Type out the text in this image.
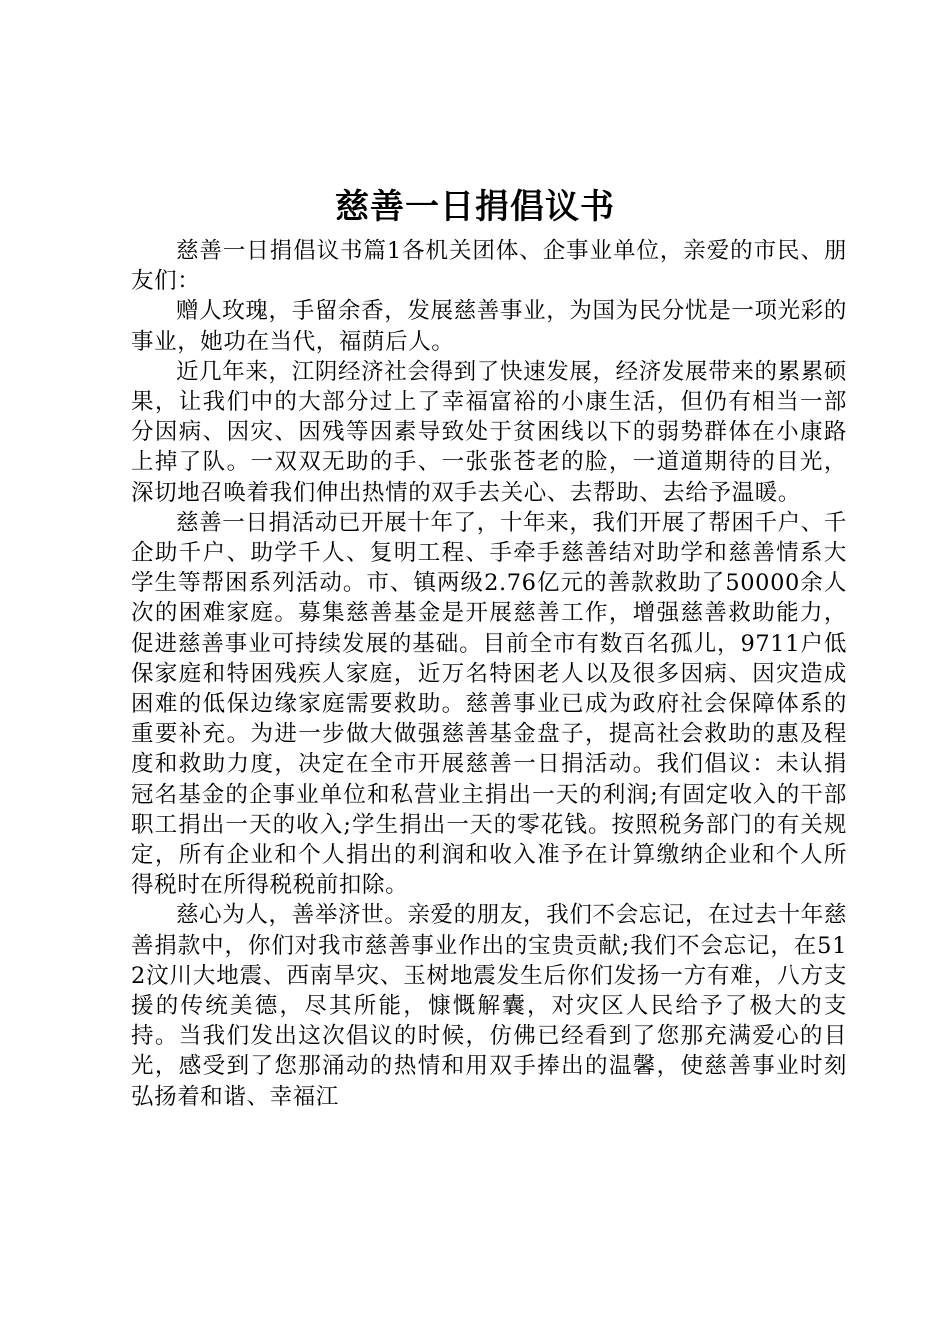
慈善一日捐倡议书

慈善一日捐倡议书篇1各机关团体、企事业单位，亲爱的市民、朋友们：

赠人玫瑰，手留余香，发展慈善事业，为国为民分忧是一项光彩的事业，她功在当代，福荫后人。

近几年来，江阴经济社会得到了快速发展，经济发展带来的累累硕果，让我们中的大部分过上了幸福富裕的小康生活，但仍有相当一部分因病、因灾、因残等因素导致处于贫困线以下的弱势群体在小康路上掉了队。一双双无助的手、一张张苍老的脸，一道道期待的目光，深切地召唤着我们伸出热情的双手去关心、去帮助、去给予温暖。

慈善一日捐活动已开展十年了，十年来，我们开展了帮困千户、千企助千户、助学千人、复明工程、手牵手慈善结对助学和慈善情系大学生等帮困系列活动。市、镇两级2.76亿元的善款救助了50000余人次的困难家庭。募集慈善基金是开展慈善工作，增强慈善救助能力，促进慈善事业可持续发展的基础。目前全市有数百名孤儿，9711户低保家庭和特困残疾人家庭，近万名特困老人以及很多因病、因灾造成困难的低保边缘家庭需要救助。慈善事业已成为政府社会保障体系的重要补充。为进一步做大做强慈善基金盘子，提高社会救助的惠及程度和救助力度，决定在全市开展慈善一日捐活动。我们倡议：未认捐冠名基金的企事业单位和私营业主捐出一天的利润;有固定收入的干部职工捐出一天的收入;学生捐出一天的零花钱。按照税务部门的有关规定，所有企业和个人捐出的利润和收入准予在计算缴纳企业和个人所得税时在所得税税前扣除。

慈心为人，善举济世。亲爱的朋友，我们不会忘记，在过去十年慈善捐款中，你们对我市慈善事业作出的宝贵贡献;我们不会忘记，在512汶川大地震、西南旱灾、玉树地震发生后你们发扬一方有难，八方支援的传统美德，尽其所能，慷慨解囊，对灾区人民给予了极大的支持。当我们发出这次倡议的时候，仿佛已经看到了您那充满爱心的目光，感受到了您那涌动的热情和用双手捧出的温馨，使慈善事业时刻弘扬着和谐、幸福江
